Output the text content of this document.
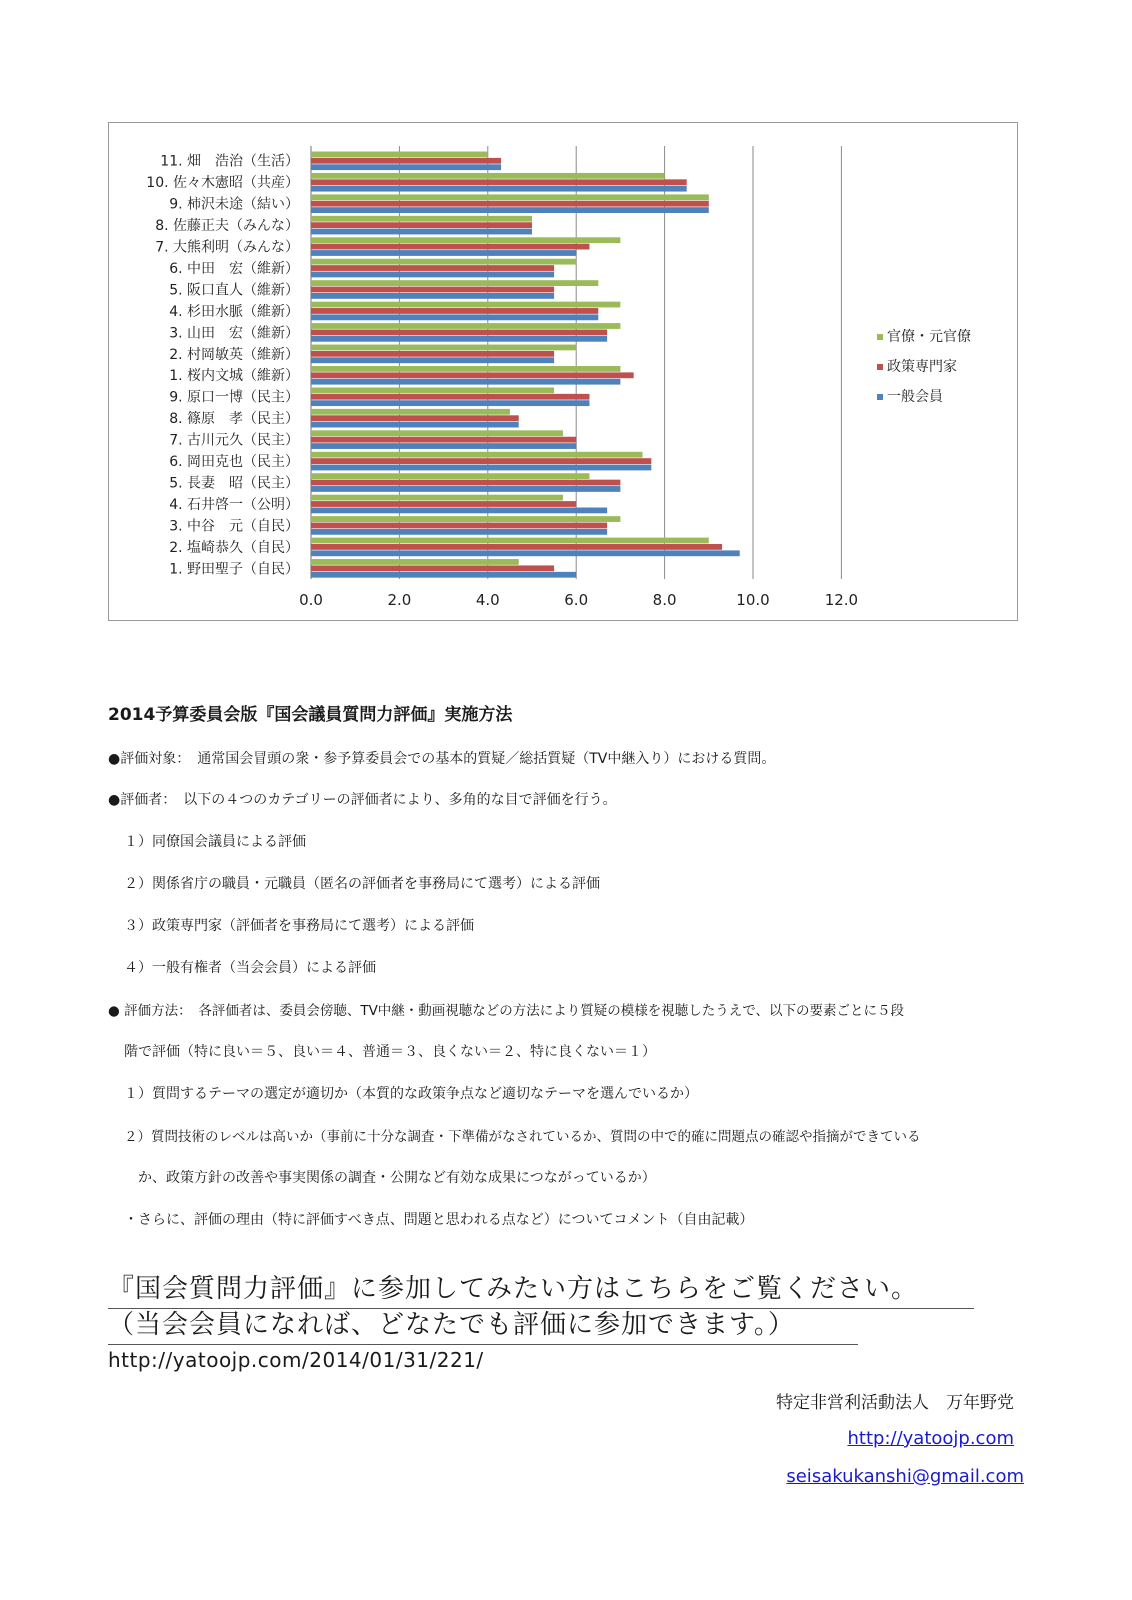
0.0	2.0	4.0	6.0	8.0	10.0	12.0
11. 畑　浩治（生活）
10. 佐々木憲昭（共産）
9. 柿沢未途（結い）
8. 佐藤正夫（みんな）
7. 大熊利明（みんな）
6. 中田　宏（維新）
5. 阪口直人（維新）
4. 杉田水脈（維新）
3. 山田　宏（維新）
2. 村岡敏英（維新）
1. 桜内文城（維新）
9. 原口一博（民主）
8. 篠原　孝（民主）
7. 古川元久（民主）
6. 岡田克也（民主）
5. 長妻　昭（民主）
4. 石井啓一（公明）
3. 中谷　元（自民）
2. 塩崎恭久（自民）
1. 野田聖子（自民）
官僚・元官僚
政策専門家
一般会員
2014予算委員会版『国会議員質問力評価』実施方法
●評価対象：　通常国会冒頭の衆・参予算委員会での基本的質疑／総括質疑（TV中継入り）における質問。
●評価者：　以下の４つのカテゴリーの評価者により、多角的な目で評価を行う。
１）同僚国会議員による評価
２）関係省庁の職員・元職員（匿名の評価者を事務局にて選考）による評価
３）政策専門家（評価者を事務局にて選考）による評価
４）一般有権者（当会会員）による評価
● 評価方法：　各評価者は、委員会傍聴、TV中継・動画視聴などの方法により質疑の模様を視聴したうえで、以下の要素ごとに５段
階で評価（特に良い＝５、良い＝４、普通＝３、良くない＝２、特に良くない＝１）
１）質問するテーマの選定が適切か（本質的な政策争点など適切なテーマを選んでいるか）
２）質問技術のレベルは高いか（事前に十分な調査・下準備がなされているか、質問の中で的確に問題点の確認や指摘ができている
か、政策方針の改善や事実関係の調査・公開など有効な成果につながっているか）
・さらに、評価の理由（特に評価すべき点、問題と思われる点など）についてコメント（自由記載）
『国会質問力評価』に参加してみたい方はこちらをご覧ください。
（当会会員になれば、どなたでも評価に参加できます。）
http://yatoojp.com/2014/01/31/221/
特定非営利活動法人　万年野党
http://yatoojp.com
seisakukanshi@gmail.com
